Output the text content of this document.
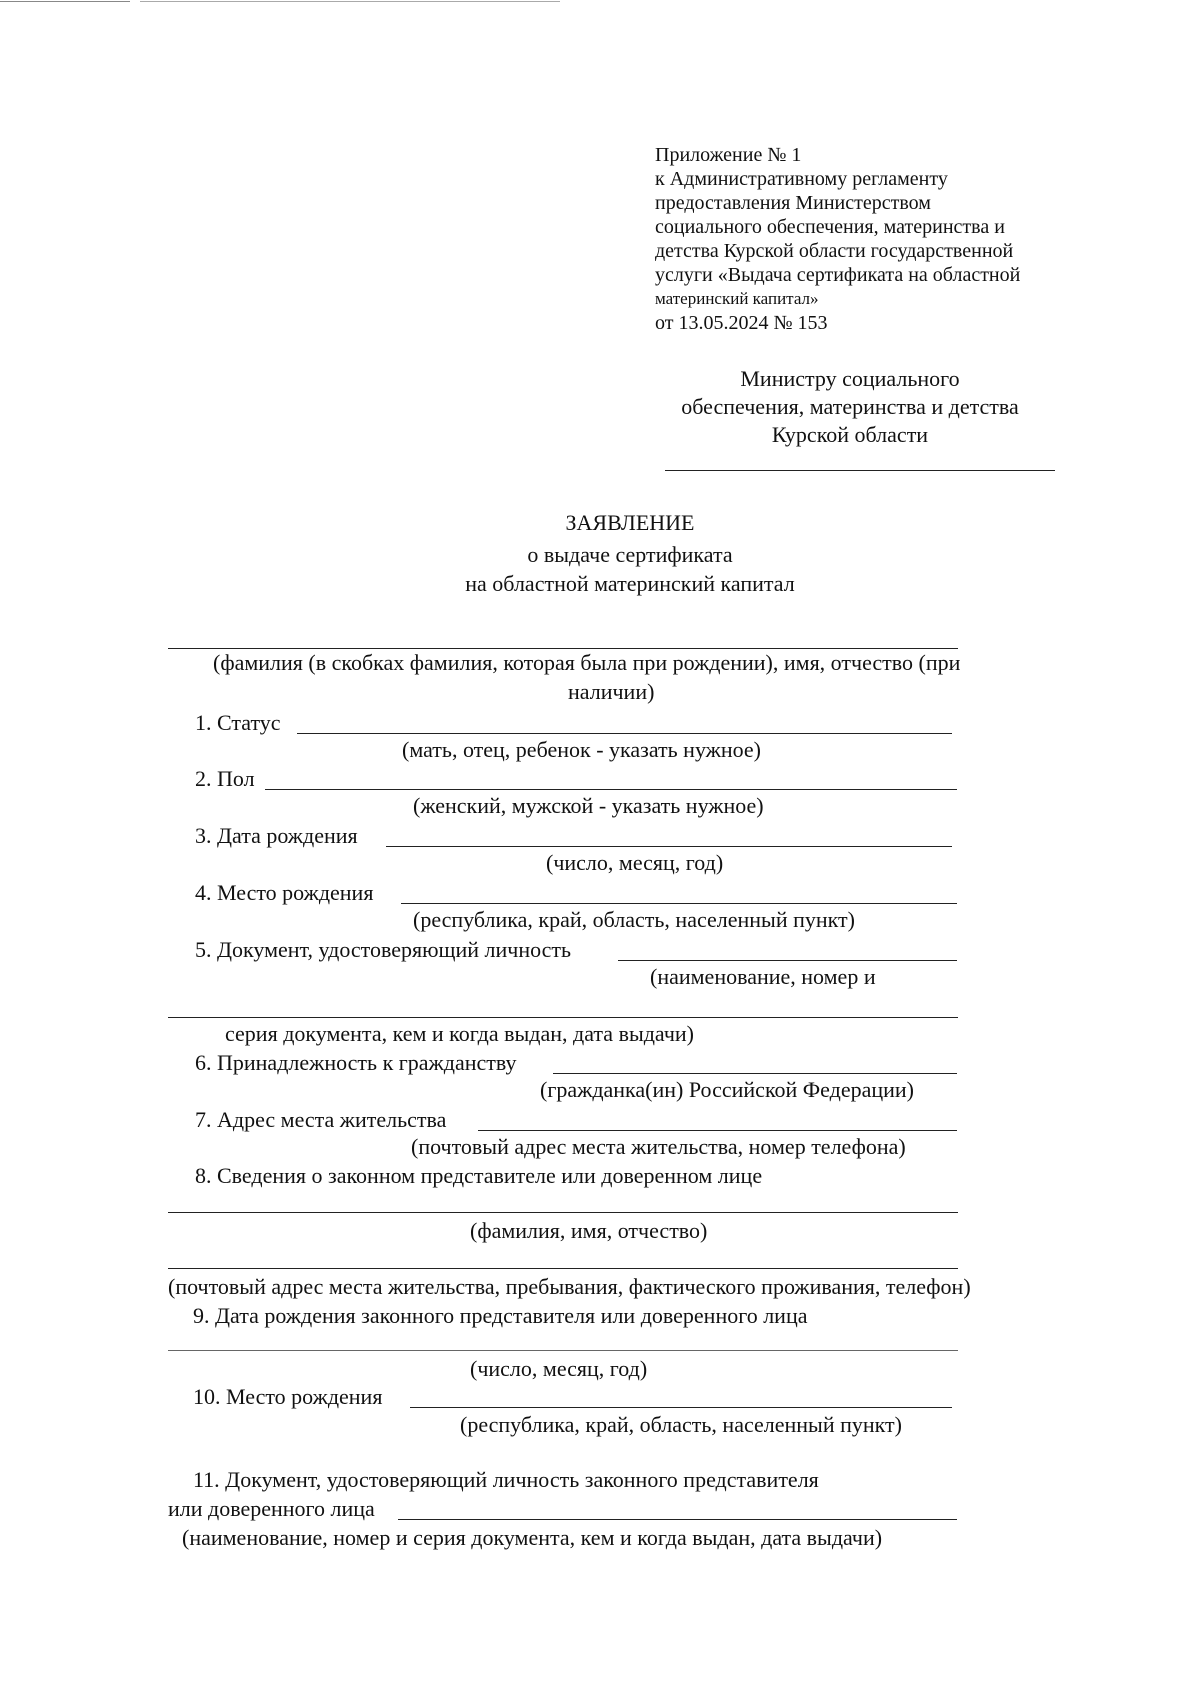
Приложение № 1
к Административному регламенту
предоставления Министерством
социального обеспечения, материнства и
детства Курской области государственной
услуги «Выдача сертификата на областной
материнский капитал»
от 13.05.2024 № 153
Министру социального
обеспечения, материнства и детства
Курской области
ЗАЯВЛЕНИЕ
о выдаче сертификата
на областной материнский капитал
(фамилия (в скобках фамилия, которая была при рождении), имя, отчество (при
наличии)
1. Статус
(мать, отец, ребенок - указать нужное)
2. Пол
(женский, мужской - указать нужное)
3. Дата рождения
(число, месяц, год)
4. Место рождения
(республика, край, область, населенный пункт)
5. Документ, удостоверяющий личность
(наименование, номер и
серия документа, кем и когда выдан, дата выдачи)
6. Принадлежность к гражданству
(гражданка(ин) Российской Федерации)
7. Адрес места жительства
(почтовый адрес места жительства, номер телефона)
8. Сведения о законном представителе или доверенном лице
(фамилия, имя, отчество)
(почтовый адрес места жительства, пребывания, фактического проживания, телефон)
9. Дата рождения законного представителя или доверенного лица
(число, месяц, год)
10. Место рождения
(республика, край, область, населенный пункт)
11. Документ, удостоверяющий личность законного представителя
или доверенного лица
(наименование, номер и серия документа, кем и когда выдан, дата выдачи)
